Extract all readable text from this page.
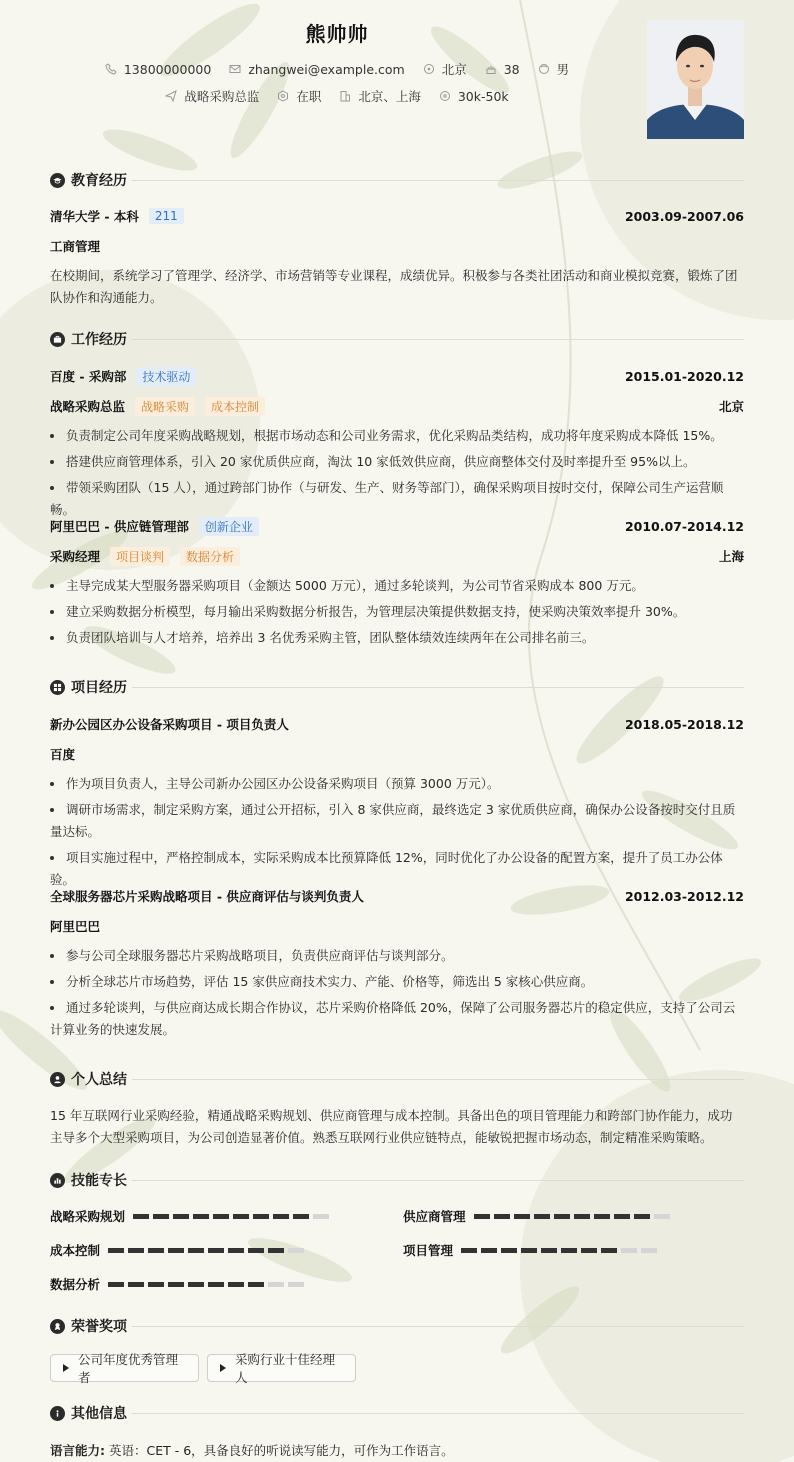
熊帅帅
13800000000	zhangwei@example.com	北京	38	男
战略采购总监	在职	北京、上海	30k-50k
教育经历
清华大学 - 本科	211	2003.09-2007.06
工商管理
在校期间，系统学习了管理学、经济学、市场营销等专业课程，成绩优异。积极参与各类社团活动和商业模拟竞赛，锻炼了团队协作和沟通能力。
工作经历
百度 - 采购部	技术驱动	2015.01-2020.12
战略采购总监	战略采购	成本控制	北京
负责制定公司年度采购战略规划，根据市场动态和公司业务需求，优化采购品类结构，成功将年度采购成本降低 15%。
搭建供应商管理体系，引入 20 家优质供应商，淘汰 10 家低效供应商，供应商整体交付及时率提升至 95%以上。
带领采购团队（15 人），通过跨部门协作（与研发、生产、财务等部门），确保采购项目按时交付，保障公司生产运营顺畅。
阿里巴巴 - 供应链管理部	创新企业	2010.07-2014.12
采购经理	项目谈判	数据分析	上海
主导完成某大型服务器采购项目（金额达 5000 万元），通过多轮谈判，为公司节省采购成本 800 万元。
建立采购数据分析模型，每月输出采购数据分析报告，为管理层决策提供数据支持，使采购决策效率提升 30%。
负责团队培训与人才培养，培养出 3 名优秀采购主管，团队整体绩效连续两年在公司排名前三。
项目经历
新办公园区办公设备采购项目 - 项目负责人	2018.05-2018.12
百度
作为项目负责人，主导公司新办公园区办公设备采购项目（预算 3000 万元）。
调研市场需求，制定采购方案，通过公开招标，引入 8 家供应商，最终选定 3 家优质供应商，确保办公设备按时交付且质量达标。
项目实施过程中，严格控制成本，实际采购成本比预算降低 12%，同时优化了办公设备的配置方案，提升了员工办公体验。
全球服务器芯片采购战略项目 - 供应商评估与谈判负责人	2012.03-2012.12
阿里巴巴
参与公司全球服务器芯片采购战略项目，负责供应商评估与谈判部分。
分析全球芯片市场趋势，评估 15 家供应商技术实力、产能、价格等，筛选出 5 家核心供应商。
通过多轮谈判，与供应商达成长期合作协议，芯片采购价格降低 20%，保障了公司服务器芯片的稳定供应，支持了公司云计算业务的快速发展。
个人总结
15 年互联网行业采购经验，精通战略采购规划、供应商管理与成本控制。具备出色的项目管理能力和跨部门协作能力，成功主导多个大型采购项目，为公司创造显著价值。熟悉互联网行业供应链特点，能敏锐把握市场动态，制定精准采购策略。
技能专长
战略采购规划	供应商管理
成本控制	项目管理
数据分析
荣誉奖项
公司年度优秀管理者
采购行业十佳经理人
其他信息
语言能力: 英语：CET - 6，具备良好的听说读写能力，可作为工作语言。
